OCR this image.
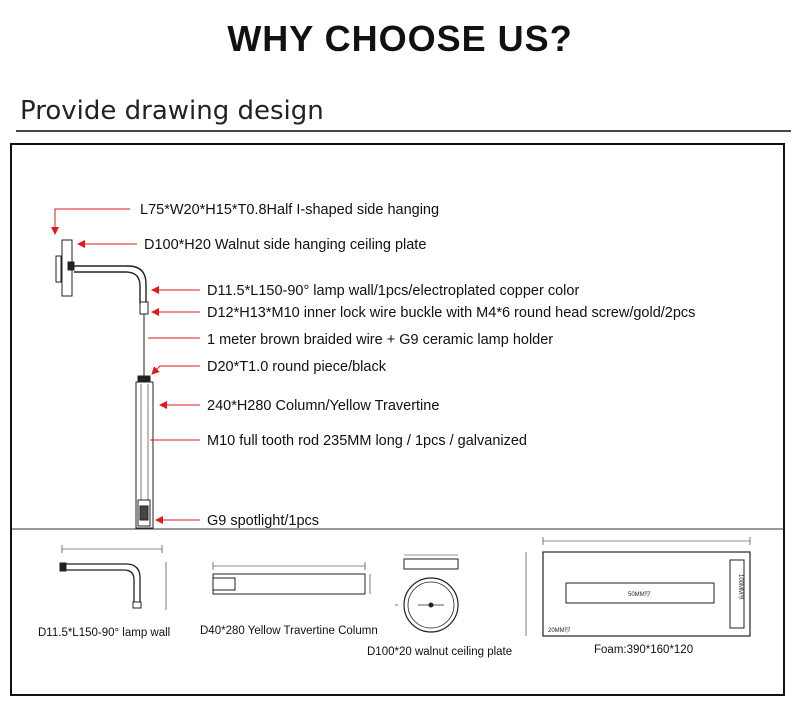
WHY CHOOSE US?
Provide drawing design
L75*W20*H15*T0.8Half I-shaped side hanging
D100*H20 Walnut side hanging ceiling plate
D11.5*L150-90° lamp wall/1pcs/electroplated copper color
D12*H13*M10 inner lock wire buckle with M4*6 round head screw/gold/2pcs
1 meter brown braided wire + G9 ceramic lamp holder
D20*T1.0 round piece/black
240*H280 Column/Yellow Travertine
M10 full tooth rod 235MM long / 1pcs / galvanized
G9 spotlight/1pcs
D11.5*L150-90° lamp wall	D40*280 Yellow Travertine Column
D100*20 walnut ceiling plate
50MM厚
20MM厚
100MM厚
Foam:390*160*120
